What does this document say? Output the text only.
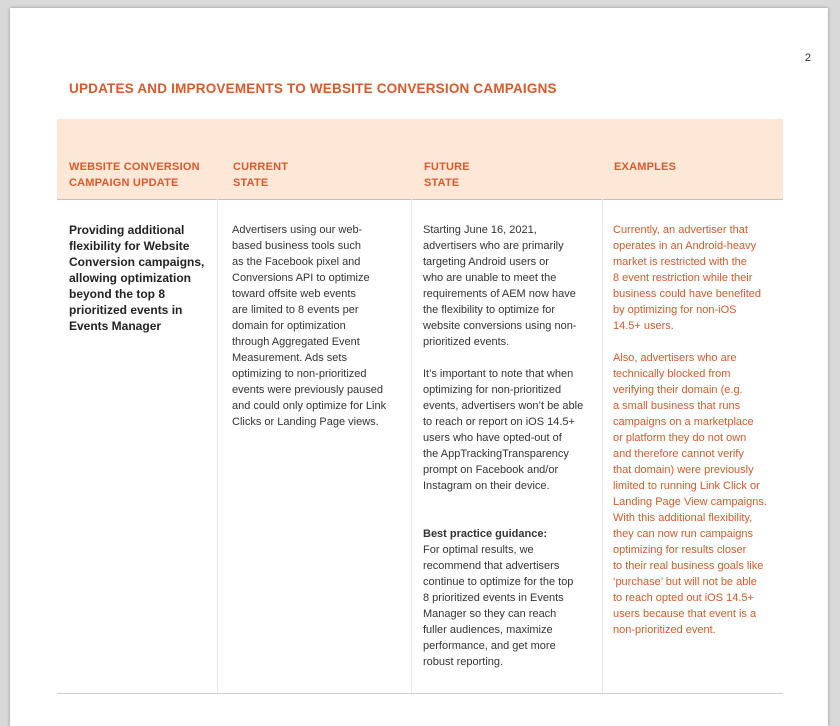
2
UPDATES AND IMPROVEMENTS TO WEBSITE CONVERSION CAMPAIGNS
WEBSITE CONVERSION
CAMPAIGN UPDATE
CURRENT
STATE
FUTURE
STATE
EXAMPLES

Providing additional
flexibility for Website
Conversion campaigns,
allowing optimization
beyond the top 8
prioritized events in
Events Manager

Advertisers using our web-
based business tools such
as the Facebook pixel and
Conversions API to optimize
toward offsite web events
are limited to 8 events per
domain for optimization
through Aggregated Event
Measurement. Ads sets
optimizing to non-prioritized
events were previously paused
and could only optimize for Link
Clicks or Landing Page views.

Starting June 16, 2021,
advertisers who are primarily
targeting Android users or
who are unable to meet the
requirements of AEM now have
the flexibility to optimize for
website conversions using non-
prioritized events.

It’s important to note that when
optimizing for non-prioritized
events, advertisers won’t be able
to reach or report on iOS 14.5+
users who have opted-out of
the AppTrackingTransparency
prompt on Facebook and/or
Instagram on their device.

Best practice guidance:
For optimal results, we
recommend that advertisers
continue to optimize for the top
8 prioritized events in Events
Manager so they can reach
fuller audiences, maximize
performance, and get more
robust reporting.

Currently, an advertiser that
operates in an Android-heavy
market is restricted with the
8 event restriction while their
business could have benefited
by optimizing for non-iOS
14.5+ users.

Also, advertisers who are
technically blocked from
verifying their domain (e.g.
a small business that runs
campaigns on a marketplace
or platform they do not own
and therefore cannot verify
that domain) were previously
limited to running Link Click or
Landing Page View campaigns.
With this additional flexibility,
they can now run campaigns
optimizing for results closer
to their real business goals like
‘purchase’ but will not be able
to reach opted out iOS 14.5+
users because that event is a
non-prioritized event.
